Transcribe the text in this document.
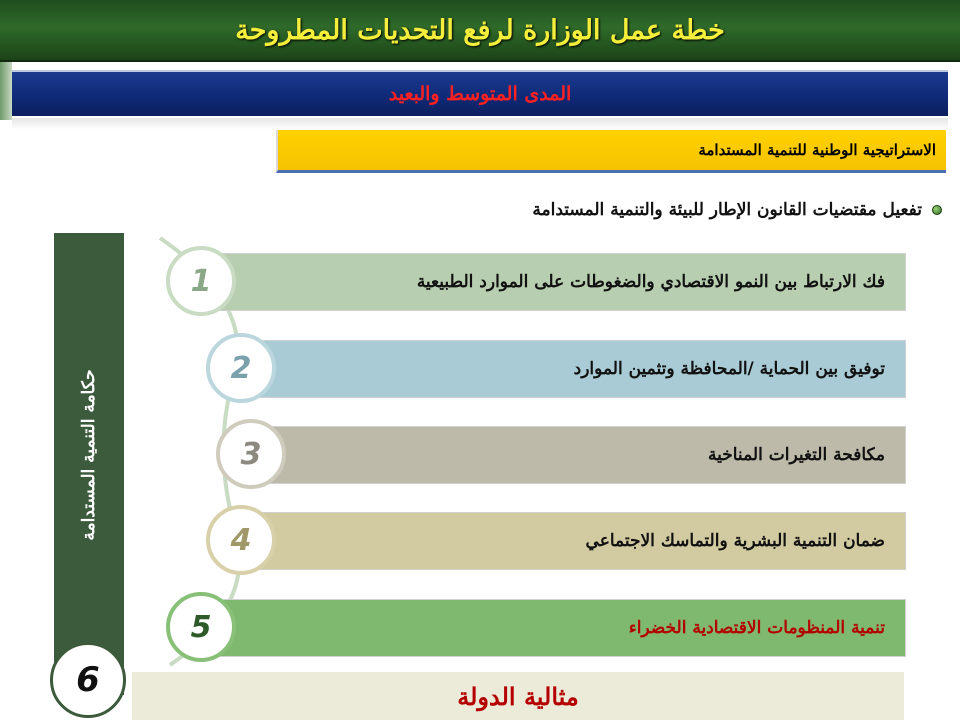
خطة عمل الوزارة لرفع التحديات المطروحة
المدى المتوسط والبعيد
الاستراتيجية الوطنية للتنمية المستدامة
تفعيل مقتضيات القانون الإطار للبيئة والتنمية المستدامة
حكامة التنمية المستدامة
فك الارتباط بين النمو الاقتصادي والضغوطات على الموارد الطبيعية
1
توفيق بين الحماية /المحافظة وتثمين الموارد
2
مكافحة التغيرات المناخية
3
ضمان التنمية البشرية والتماسك الاجتماعي
4
تنمية المنظومات الاقتصادية الخضراء
5
6	مثالية الدولة
